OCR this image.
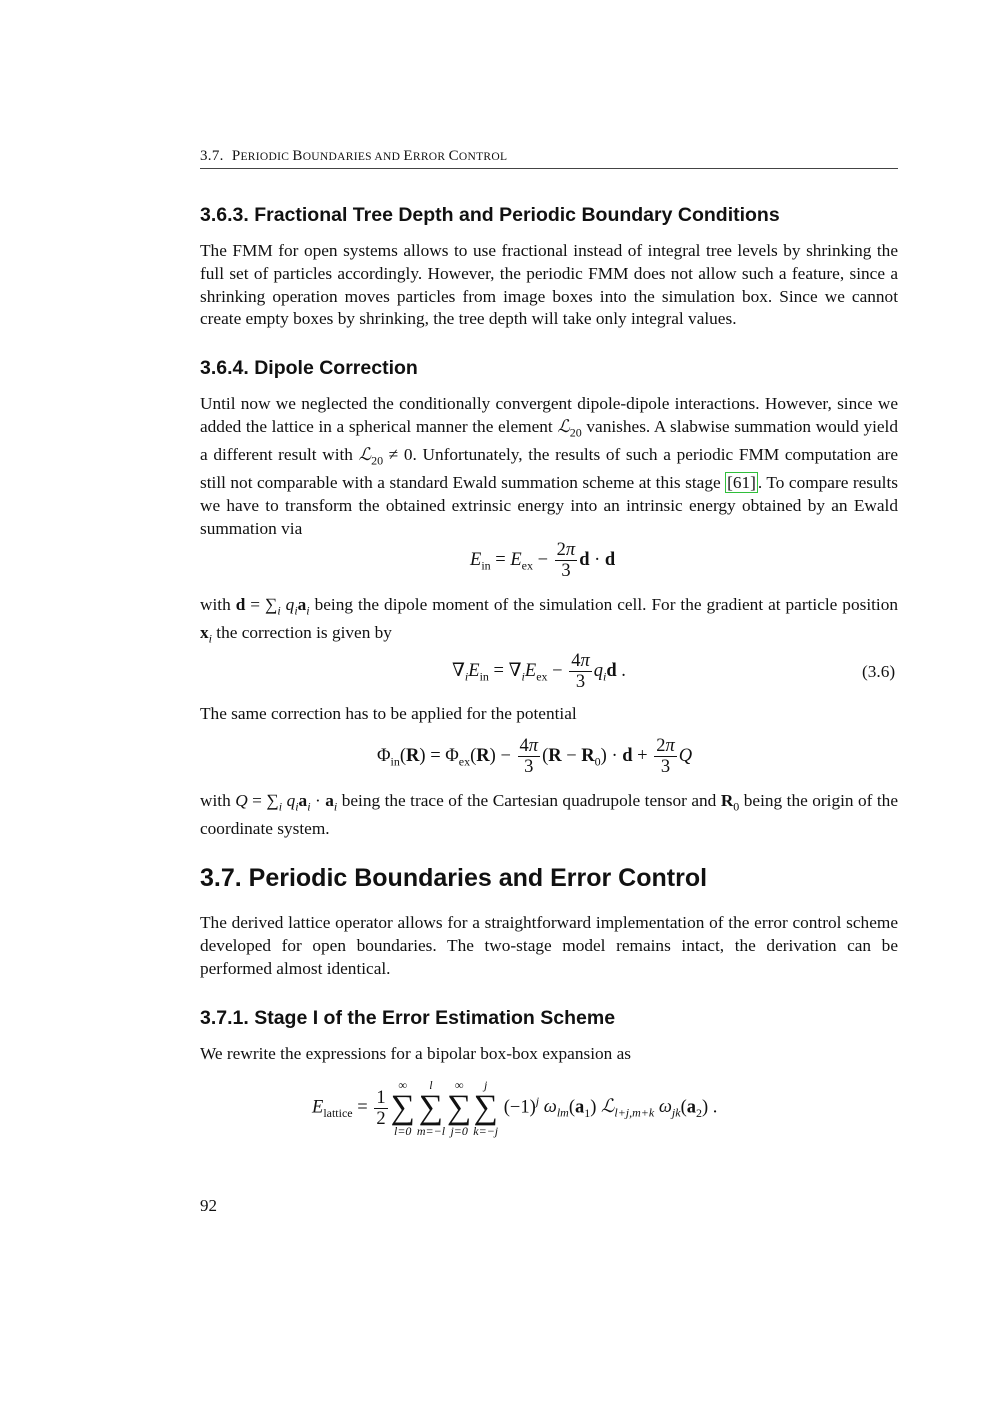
3.7. PERIODIC BOUNDARIES AND ERROR CONTROL
3.6.3. Fractional Tree Depth and Periodic Boundary Conditions

The FMM for open systems allows to use fractional instead of integral tree levels by shrinking the full set of particles accordingly. However, the periodic FMM does not allow such a feature, since a shrinking operation moves particles from image boxes into the simulation box. Since we cannot create empty boxes by shrinking, the tree depth will take only integral values.

3.6.4. Dipole Correction

Until now we neglected the conditionally convergent dipole-dipole interactions. However, since we added the lattice in a spherical manner the element ℒ$_{20}$ vanishes. A slabwise summation would yield a different result with ℒ$_{20}$ ≠ 0. Unfortunately, the results of such a periodic FMM computation are still not comparable with a standard Ewald summation scheme at this stage [61] . To compare results we have to transform the obtained extrinsic energy into an intrinsic energy obtained by an Ewald summation via

$E_{in} = E_{ex} - \frac{2\pi}{3}$ d · d

with $d = \sum_i$ $q_ia_i$ being the dipole moment of the simulation cell. For the gradient at particle position $x_i$ the correction is given by

$\nabla_iE_{in} = \nabla_iE_{ex} - \frac{4\pi}{3} q_id$ .	(3.6)

The same correction has to be applied for the potential

$\Phi_{in}(R) = \Phi_{ex}(R) - \frac{4\pi}{3} (R - R_0) \cdot d + \frac{2\pi}{3}$ Q

with $Q = \sum_i$ $q_ia_i \cdot a_i$ being the trace of the Cartesian quadrupole tensor and $R_0$ being the origin of the coordinate system.

3.7. Periodic Boundaries and Error Control

The derived lattice operator allows for a straightforward implementation of the error control scheme developed for open boundaries. The two-stage model remains intact, the derivation can be performed almost identical.

3.7.1. Stage I of the Error Estimation Scheme

We rewrite the expressions for a bipolar box-box expansion as

$E_{lattice} = \frac{1}{2}$
∞
∑
l=0
l
∑
m=−l
∞
∑
j=0
j
∑
k=−j
$(-1)^j$ $\omega_{lm}(a_1)$ ℒ$_{l+j,m+k}$ $\omega_{jk}(a_2)$ .
92
